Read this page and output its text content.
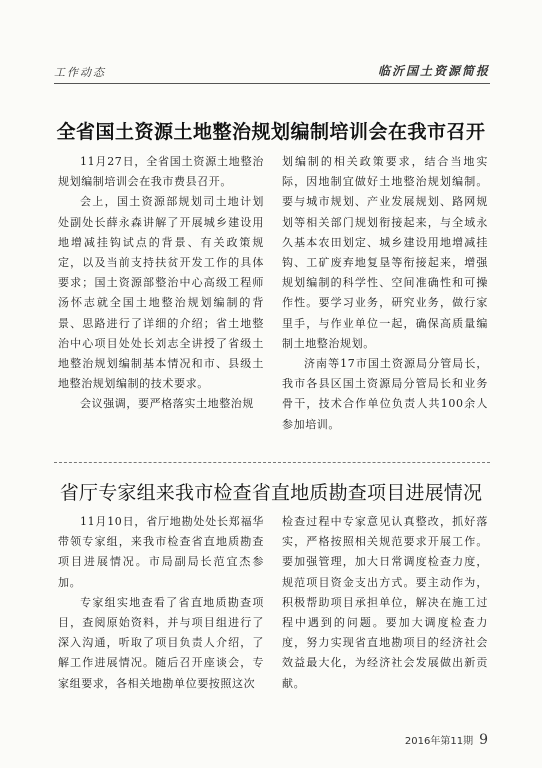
工作动态	临沂国土资源简报
全省国土资源土地整治规划编制培训会在我市召开

11月27日，全省国土资源土地整治规划编制培训会在我市费县召开。

会上，国土资源部规划司土地计划处副处长薛永森讲解了开展城乡建设用地增减挂钩试点的背景、有关政策规定，以及当前支持扶贫开发工作的具体要求；国土资源部整治中心高级工程师汤怀志就全国土地整治规划编制的背景、思路进行了详细的介绍；省土地整治中心项目处处长刘志全讲授了省级土地整治规划编制基本情况和市、县级土地整治规划编制的技术要求。

会议强调，要严格落实土地整治规

划编制的相关政策要求，结合当地实际，因地制宜做好土地整治规划编制。要与城市规划、产业发展规划、路网规划等相关部门规划衔接起来，与全域永久基本农田划定、城乡建设用地增减挂钩、工矿废弃地复垦等衔接起来，增强规划编制的科学性、空间准确性和可操作性。要学习业务，研究业务，做行家里手，与作业单位一起，确保高质量编制土地整治规划。

济南等17市国土资源局分管局长，我市各县区国土资源局分管局长和业务骨干，技术合作单位负责人共100余人参加培训。

省厅专家组来我市检查省直地质勘查项目进展情况

11月10日，省厅地勘处处长郑福华带领专家组，来我市检查省直地质勘查项目进展情况。市局副局长范宜杰参加。

专家组实地查看了省直地质勘查项目，查阅原始资料，并与项目组进行了深入沟通，听取了项目负责人介绍，了解工作进展情况。随后召开座谈会，专家组要求，各相关地勘单位要按照这次

检查过程中专家意见认真整改，抓好落实，严格按照相关规范要求开展工作。要加强管理，加大日常调度检查力度，规范项目资金支出方式。要主动作为，积极帮助项目承担单位，解决在施工过程中遇到的问题。要加大调度检查力度，努力实现省直地勘项目的经济社会效益最大化，为经济社会发展做出新贡献。

2016年第11期 9
